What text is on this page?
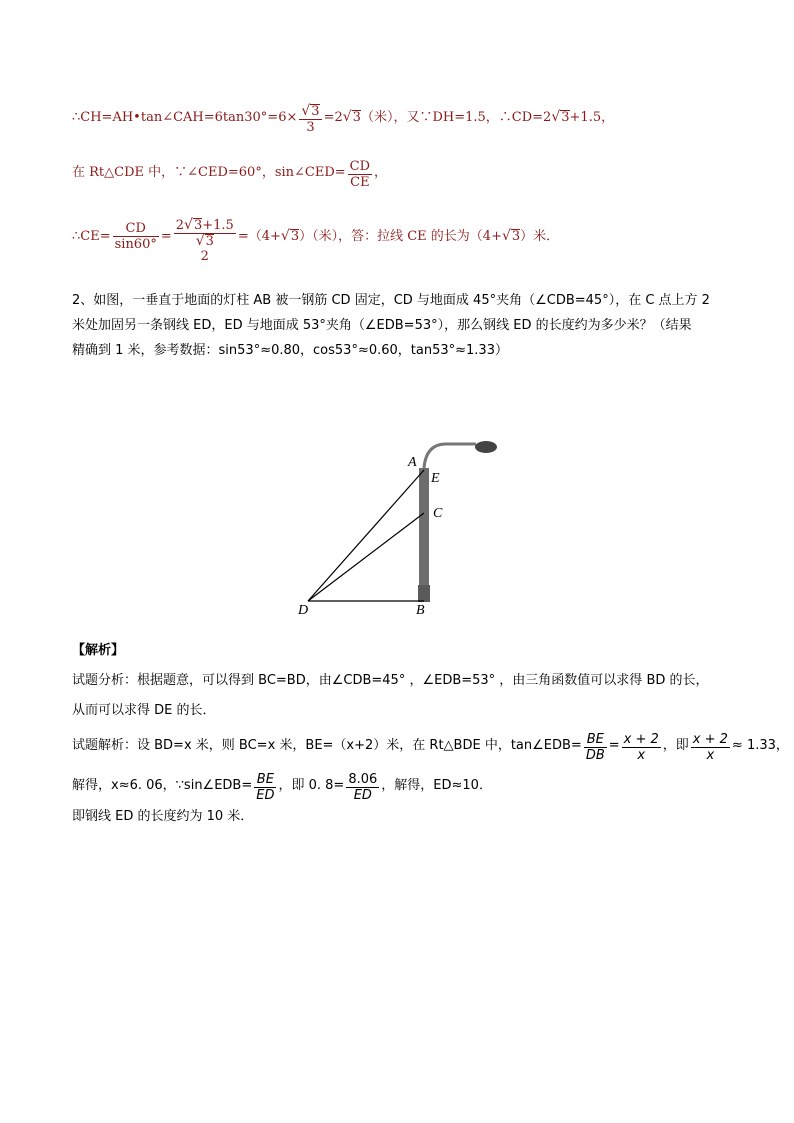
∴CH=AH•tan∠CAH=6tan30°=6× $\frac{√3}{3} =2√3$（米），又∵DH=1.5，∴CD=2√3+1.5，
在 Rt△CDE 中，∵∠CED=60°，sin∠CED= $\frac{CD}{CE}$ ，
∴CE= $\frac{CD}{\sin 60^\circ}$ =
2√3+1.5
√3
2
=（4+√3）（米），答：拉线 CE 的长为（4+√3）米．
2、如图，一垂直于地面的灯柱 AB 被一钢筋 CD 固定，CD 与地面成 45°夹角（∠CDB=45°），在 C 点上方 2
米处加固另一条钢线 ED，ED 与地面成 53°夹角（∠EDB=53°），那么钢线 ED 的长度约为多少米？（结果
精确到 1 米，参考数据：sin53°≈0.80，cos53°≈0.60，tan53°≈1.33）
A
E
C
D	B
【解析】
试题分析：根据题意，可以得到 BC=BD，由∠CDB=45° ，∠EDB=53° ，由三角函数值可以求得 BD 的长，
从而可以求得 DE 的长．
试题解析：设 BD=x 米，则 BC=x 米，BE=（x+2）米，在 Rt△BDE 中，tan∠EDB= $\frac{BE}{DB} = \frac{x + 2}{x}$ ，即 $\frac{x + 2}{x} \approx 1.33$，
解得，x≈6. 06，∵sin∠EDB= $\frac{BE}{ED}$ ，即 0. $8= \frac{8.06}{ED}$ ，解得，ED≈10．
即钢线 ED 的长度约为 10 米．
